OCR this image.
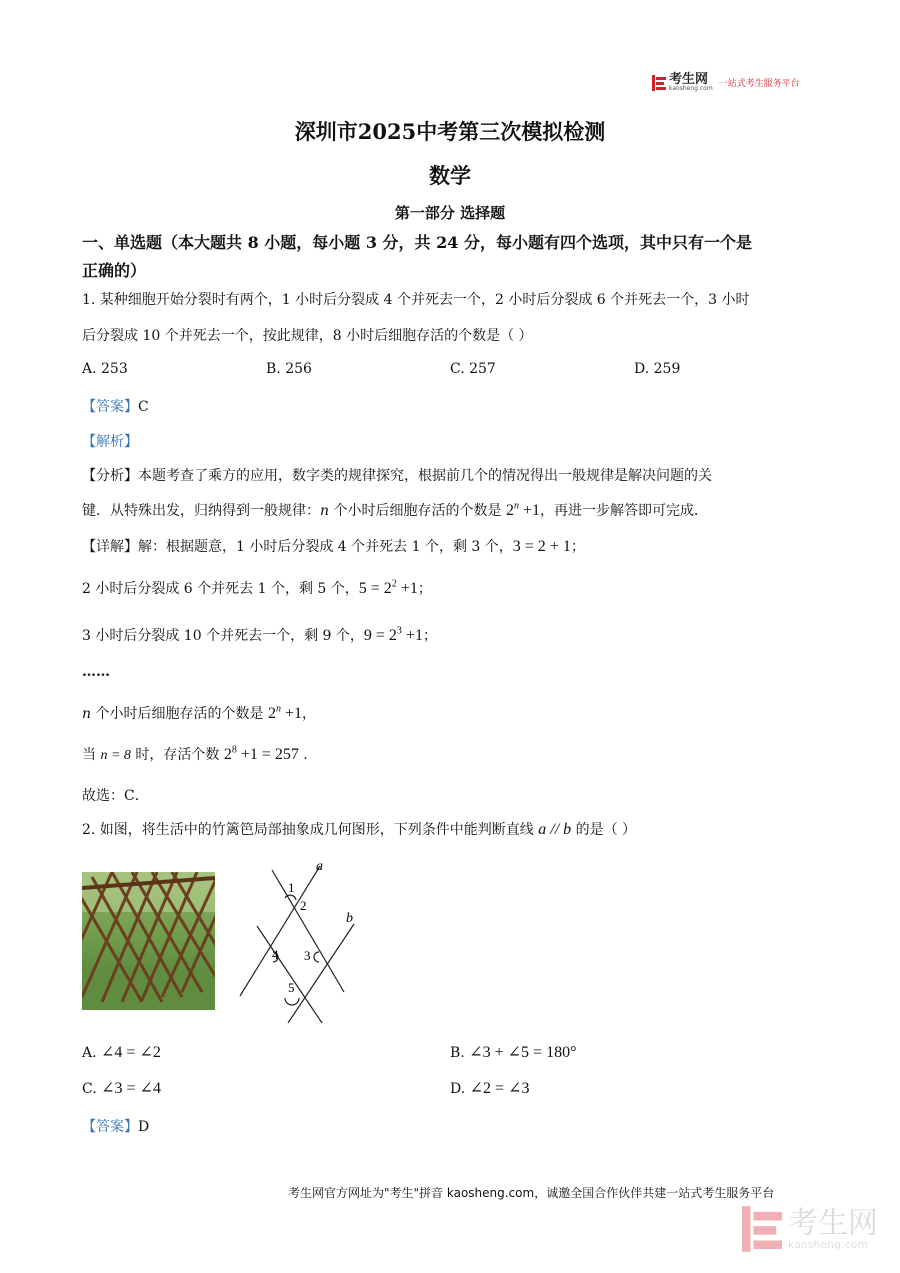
考生网
kaosheng.com 一站式考生服务平台
深圳市2025中考第三次模拟检测
数学
第一部分 选择题
一、单选题（本大题共 8 小题，每小题 3 分，共 24 分，每小题有四个选项，其中只有一个是
正确的）
1. 某种细胞开始分裂时有两个，1 小时后分裂成 4 个并死去一个，2 小时后分裂成 6 个并死去一个，3 小时
后分裂成 10 个并死去一个，按此规律，8 小时后细胞存活的个数是（ ）
A. 253	B. 256	C. 257	D. 259
【答案】C
【解析】
【分析】本题考查了乘方的应用，数字类的规律探究，根据前几个的情况得出一般规律是解决问题的关
键．从特殊出发，归纳得到一般规律：n 个小时后细胞存活的个数是 $2^n +1$，再进一步解答即可完成．
【详解】解：根据题意，1 小时后分裂成 4 个并死去 1 个，剩 3 个，3 = 2 + 1；
2 小时后分裂成 6 个并死去 1 个，剩 5 个，$5 = 2^2 +1$；
3 小时后分裂成 10 个并死去一个，剩 9 个，$9 = 2^3 +1$；
……
n 个小时后细胞存活的个数是 $2^n +1$，
当 n = 8 时，存活个数 $2^8 +1 = 257$ .
故选：C．
2. 如图，将生活中的竹篱笆局部抽象成几何图形，下列条件中能判断直线 a // b 的是（ ）
a
b
1
2
3
4
5
A. ∠4 = ∠2	B. ∠3 + ∠5 = 180°
C. ∠3 = ∠4	D. ∠2 = ∠3
【答案】D
考生网官方网址为"考生"拼音 kaosheng.com，诚邀全国合作伙伴共建一站式考生服务平台
考生网
kaosheng.com
